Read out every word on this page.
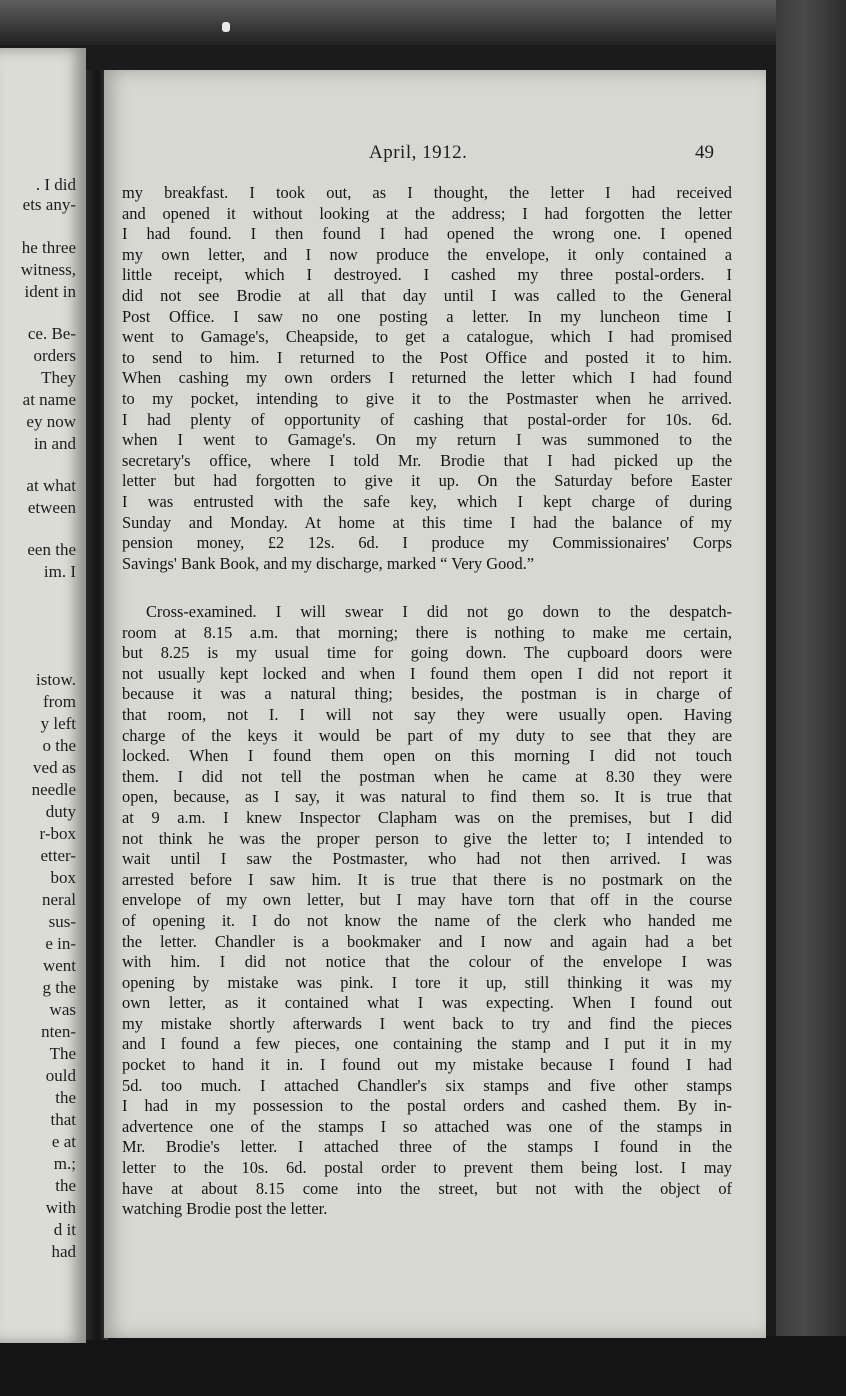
. I did
ets any-
he three
witness,
ident in
ce. Be-
orders
They
at name
ey now
in and
at what
etween
een the
im. I
istow.
from
y left
o the
ved as
needle
duty
r-box
etter-
box
neral
sus-
e in-
went
g the
was
nten-
The
ould
the
that
e at
m.;
the
with
d it
had
April, 1912.	49
my breakfast. I took out, as I thought, the letter I had received
and opened it without looking at the address; I had forgotten the letter
I had found. I then found I had opened the wrong one. I opened
my own letter, and I now produce the envelope, it only contained a
little receipt, which I destroyed. I cashed my three postal-orders. I
did not see Brodie at all that day until I was called to the General
Post Office. I saw no one posting a letter. In my luncheon time I
went to Gamage's, Cheapside, to get a catalogue, which I had promised
to send to him. I returned to the Post Office and posted it to him.
When cashing my own orders I returned the letter which I had found
to my pocket, intending to give it to the Postmaster when he arrived.
I had plenty of opportunity of cashing that postal-order for 10s. 6d.
when I went to Gamage's. On my return I was summoned to the
secretary's office, where I told Mr. Brodie that I had picked up the
letter but had forgotten to give it up. On the Saturday before Easter
I was entrusted with the safe key, which I kept charge of during
Sunday and Monday. At home at this time I had the balance of my
pension money, £2 12s. 6d. I produce my Commissionaires' Corps
Savings' Bank Book, and my discharge, marked “ Very Good.”
Cross-examined. I will swear I did not go down to the despatch-
room at 8.15 a.m. that morning; there is nothing to make me certain,
but 8.25 is my usual time for going down. The cupboard doors were
not usually kept locked and when I found them open I did not report it
because it was a natural thing; besides, the postman is in charge of
that room, not I. I will not say they were usually open. Having
charge of the keys it would be part of my duty to see that they are
locked. When I found them open on this morning I did not touch
them. I did not tell the postman when he came at 8.30 they were
open, because, as I say, it was natural to find them so. It is true that
at 9 a.m. I knew Inspector Clapham was on the premises, but I did
not think he was the proper person to give the letter to; I intended to
wait until I saw the Postmaster, who had not then arrived. I was
arrested before I saw him. It is true that there is no postmark on the
envelope of my own letter, but I may have torn that off in the course
of opening it. I do not know the name of the clerk who handed me
the letter. Chandler is a bookmaker and I now and again had a bet
with him. I did not notice that the colour of the envelope I was
opening by mistake was pink. I tore it up, still thinking it was my
own letter, as it contained what I was expecting. When I found out
my mistake shortly afterwards I went back to try and find the pieces
and I found a few pieces, one containing the stamp and I put it in my
pocket to hand it in. I found out my mistake because I found I had
5d. too much. I attached Chandler's six stamps and five other stamps
I had in my possession to the postal orders and cashed them. By in-
advertence one of the stamps I so attached was one of the stamps in
Mr. Brodie's letter. I attached three of the stamps I found in the
letter to the 10s. 6d. postal order to prevent them being lost. I may
have at about 8.15 come into the street, but not with the object of
watching Brodie post the letter.
